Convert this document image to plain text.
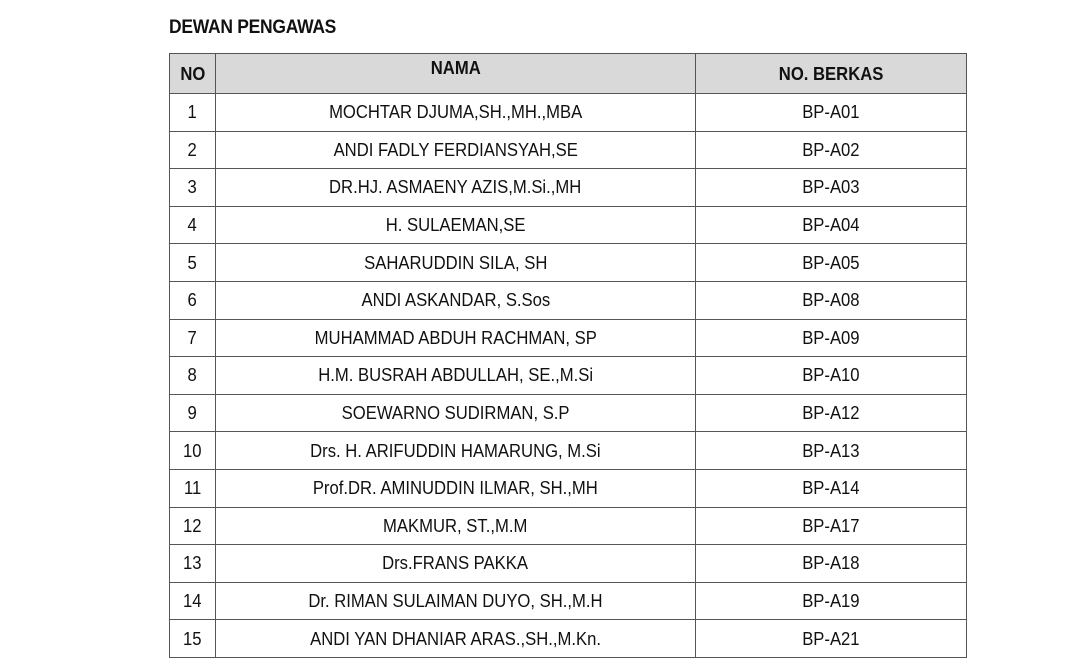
DEWAN PENGAWAS
NO	NAMA	NO. BERKAS
1	MOCHTAR DJUMA,SH.,MH.,MBA	BP-A01
2	ANDI FADLY FERDIANSYAH,SE	BP-A02
3	DR.HJ. ASMAENY AZIS,M.Si.,MH	BP-A03
4	H. SULAEMAN,SE	BP-A04
5	SAHARUDDIN SILA, SH	BP-A05
6	ANDI ASKANDAR, S.Sos	BP-A08
7	MUHAMMAD ABDUH RACHMAN, SP	BP-A09
8	H.M. BUSRAH ABDULLAH, SE.,M.Si	BP-A10
9	SOEWARNO SUDIRMAN, S.P	BP-A12
10	Drs. H. ARIFUDDIN HAMARUNG, M.Si	BP-A13
11	Prof.DR. AMINUDDIN ILMAR, SH.,MH	BP-A14
12	MAKMUR, ST.,M.M	BP-A17
13	Drs.FRANS PAKKA	BP-A18
14	Dr. RIMAN SULAIMAN DUYO, SH.,M.H	BP-A19
15	ANDI YAN DHANIAR ARAS.,SH.,M.Kn.	BP-A21
